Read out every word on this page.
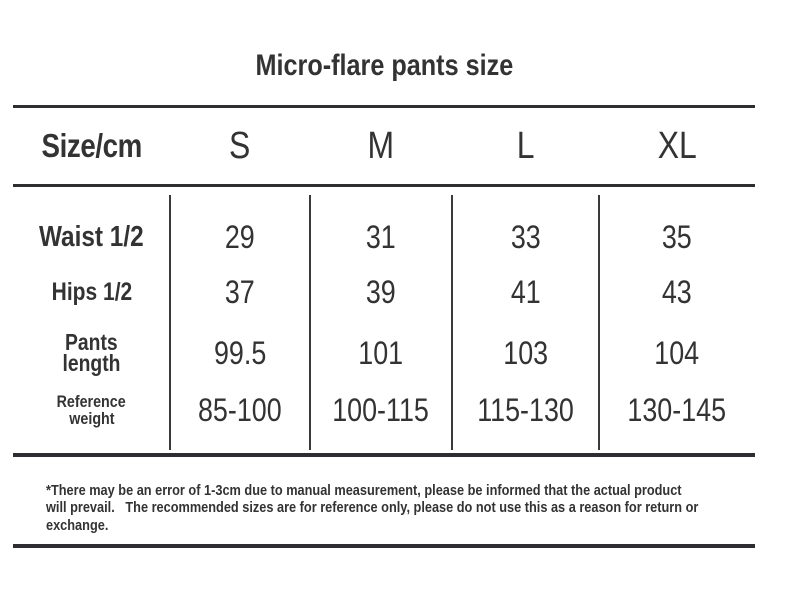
Micro-flare pants size
Size/cm S	M	L	XL
Waist 1/2	29	31	33	35
Hips 1/2	37	39	41	43
Pants
length	99.5	101	103	104
Reference
weight	85-100 100-115 115-130 130-145
*There may be an error of 1-3cm due to manual measurement, please be informed that the actual product
will prevail.   The recommended sizes are for reference only, please do not use this as a reason for return or
exchange.
